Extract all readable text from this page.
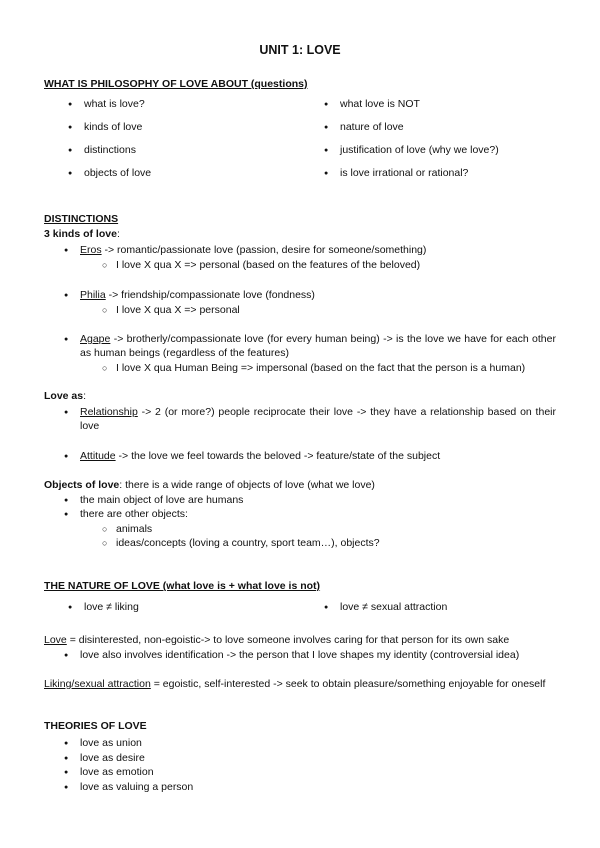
UNIT 1: LOVE
WHAT IS PHILOSOPHY OF LOVE ABOUT (questions)
● what is love?
● kinds of love
● distinctions
● objects of love
● what love is NOT
● nature of love
● justification of love (why we love?)
● is love irrational or rational?
DISTINCTIONS
3 kinds of love:
● Eros -> romantic/passionate love (passion, desire for someone/something)
○ I love X qua X => personal (based on the features of the beloved)
● Philia -> friendship/compassionate love (fondness)
○ I love X qua X => personal
● Agape -> brotherly/compassionate love (for every human being) -> is the love we have for each other as human beings (regardless of the features)
○ I love X qua Human Being => impersonal (based on the fact that the person is a human)
Love as:
● Relationship -> 2 (or more?) people reciprocate their love -> they have a relationship based on their love
● Attitude -> the love we feel towards the beloved -> feature/state of the subject
Objects of love: there is a wide range of objects of love (what we love)
● the main object of love are humans
● there are other objects:
○ animals
○ ideas/concepts (loving a country, sport team…), objects?
THE NATURE OF LOVE (what love is + what love is not)
● love ≠ liking
●	love ≠ sexual attraction
Love = disinterested, non-egoistic-> to love someone involves caring for that person for its own sake
● love also involves identification -> the person that I love shapes my identity (controversial idea)
Liking/sexual attraction = egoistic, self-interested -> seek to obtain pleasure/something enjoyable for oneself
THEORIES OF LOVE
● love as union
● love as desire
● love as emotion
● love as valuing a person
